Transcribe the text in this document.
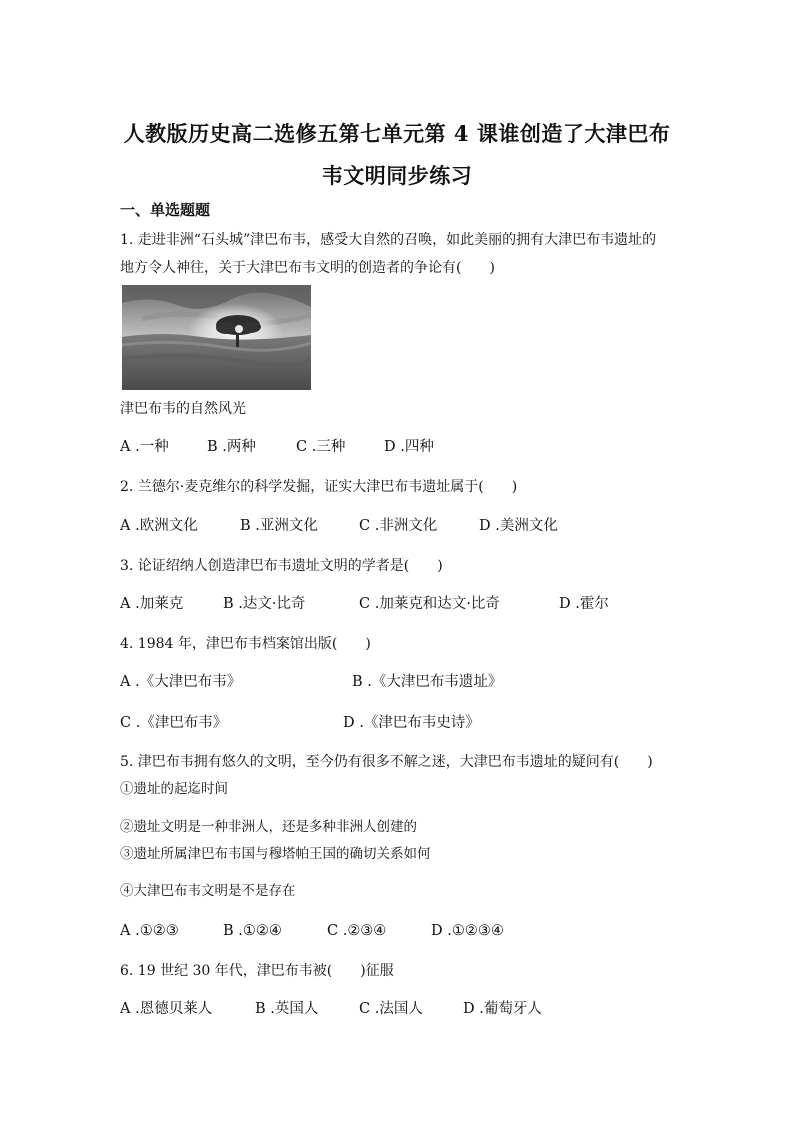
人教版历史高二选修五第七单元第 4 课谁创造了大津巴布
韦文明同步练习
一、单选题题
1. 走进非洲“石头城”津巴布韦，感受大自然的召唤，如此美丽的拥有大津巴布韦遗址的
地方令人神往，关于大津巴布韦文明的创造者的争论有(　　)
津巴布韦的自然风光
A .一种	B .两种	C .三种	D .四种
2. 兰德尔·麦克维尔的科学发掘，证实大津巴布韦遗址属于(　　)
A .欧洲文化	B .亚洲文化	C .非洲文化	D .美洲文化
3. 论证绍纳人创造津巴布韦遗址文明的学者是(　　)
A .加莱克	B .达文·比奇	C .加莱克和达文·比奇	D .霍尔
4. 1984 年，津巴布韦档案馆出版(　　)
A .《大津巴布韦》	B .《大津巴布韦遗址》
C .《津巴布韦》	D .《津巴布韦史诗》
5. 津巴布韦拥有悠久的文明，至今仍有很多不解之迷，大津巴布韦遗址的疑问有(　　)
①遗址的起迄时间
②遗址文明是一种非洲人，还是多种非洲人创建的
③遗址所属津巴布韦国与穆塔帕王国的确切关系如何
④大津巴布韦文明是不是存在
A .①②③	B .①②④	C .②③④	D .①②③④
6. 19 世纪 30 年代，津巴布韦被(　　)征服
A .恩德贝莱人	B .英国人	C .法国人	D .葡萄牙人
